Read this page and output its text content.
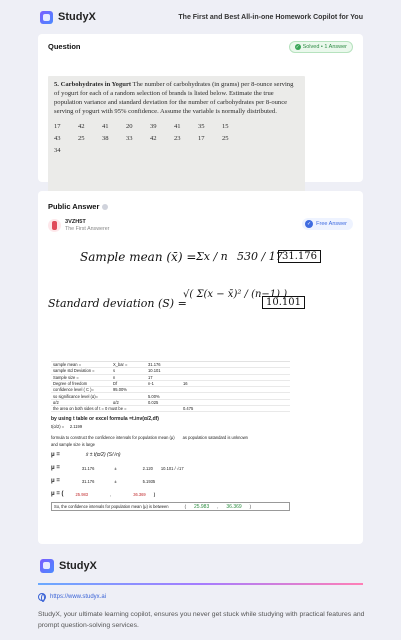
StudyX	The First and Best All-in-one Homework Copilot for You
Question	✓ Solved • 1 Answer
5. Carbohydrates in Yogurt The number of carbohydrates (in grams) per 8-ounce serving of yogurt for each of a random selection of brands is listed below. Estimate the true population variance and standard deviation for the number of carbohydrates per 8-ounce serving of yogurt with 95% confidence. Assume the variable is normally distributed.
17	42	41	20	39	41	35	15
43	25	38	33	42	23	17	25
34
Public Answer
3VZH5T
The First Answerer
✓ Free Answer
Sample mean (x̄) = Σx / n 530 / 17 31.176
Standard deviation (S) =
√( Σ(x − x̄)² / (n−1) )
10.101
sample mean =	X_bar =	31.176
sample std Deviation =	s	10.101
Sample size =	n	17
Degree of freedom	Df	n-1	16
confidence level ( C )=	95.00%
so significance level (α)=	5.00%
α/2	α/2	0.025
the area on both sides of t = 0 must be =	0.475
by using t table or excel formula =t.inv(α/2,df)
t(α/2) = 2.1199
formula to construct the confidence intervals for population mean (μ) as population satandard is unknown
and sample size is large
μ =	x̄ ± t(α/2) (S/√n)
μ =	31.176	±	2.120 10.101 / √17
μ =	31.176	±	5.1935
μ = (	25.983	,	36.369 )
So, the confidence intervals for population mean (μ) is between	( 25.983 , 36.369 )
StudyX
https://www.studyx.ai
StudyX, your ultimate learning copilot, ensures you never get stuck while studying with practical features and prompt question-solving services.
